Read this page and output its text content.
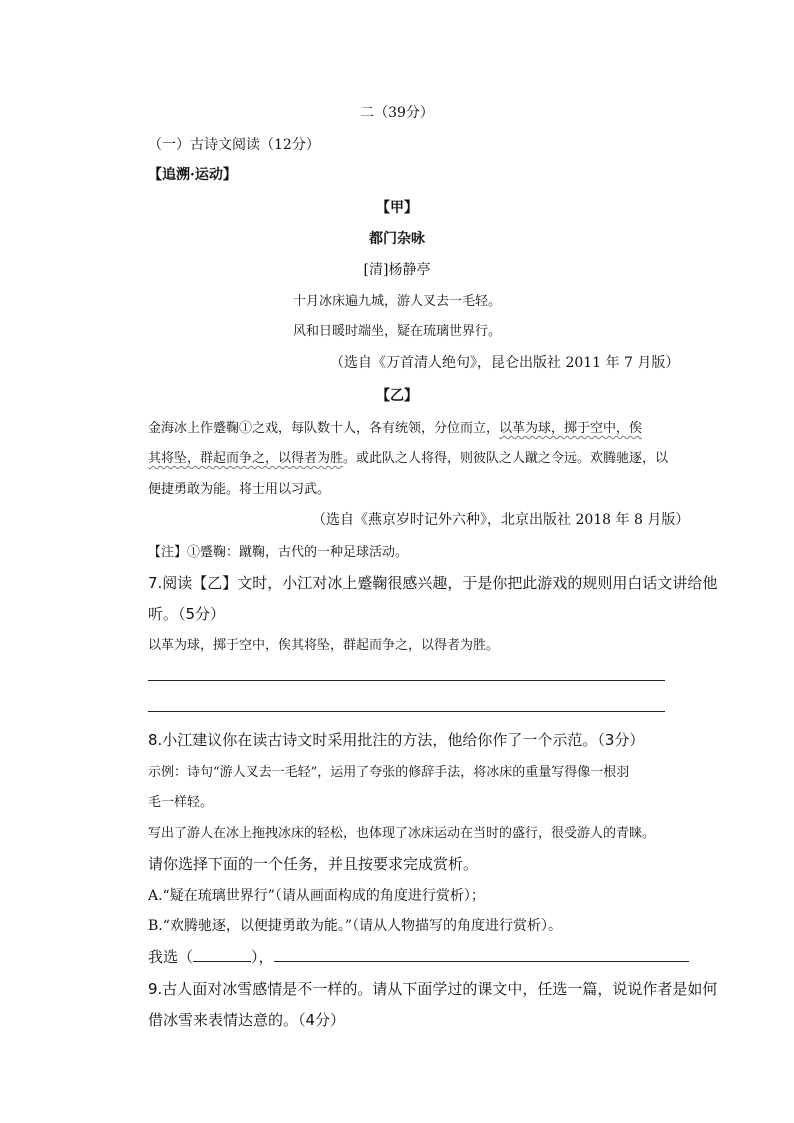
二（39分）
（一）古诗文阅读（12分）
【追溯·运动】
【甲】
都门杂咏
[清]杨静亭
十月冰床遍九城，游人叉去一毛轻。
风和日暖时端坐，疑在琉璃世界行。
（选自《万首清人绝句》，昆仑出版社 2011 年 7 月版）
【乙】
金海冰上作蹙鞠①之戏，每队数十人，各有统领，分位而立，以革为球，掷于空中，俟
其将坠，群起而争之，以得者为胜。或此队之人将得，则彼队之人蹴之令远。欢腾驰逐，以
便捷勇敢为能。将士用以习武。
（选自《燕京岁时记外六种》，北京出版社 2018 年 8 月版）
【注】①蹙鞠：蹴鞠，古代的一种足球活动。
7.阅读【乙】文时，小江对冰上蹙鞠很感兴趣，于是你把此游戏的规则用白话文讲给他
听。（5分）
以革为球，掷于空中，俟其将坠，群起而争之，以得者为胜。
8.小江建议你在读古诗文时采用批注的方法，他给你作了一个示范。（3分）
示例：诗句“游人叉去一毛轻”，运用了夸张的修辞手法，将冰床的重量写得像一根羽
毛一样轻。
写出了游人在冰上拖拽冰床的轻松，也体现了冰床运动在当时的盛行，很受游人的青睐。
请你选择下面的一个任务，并且按要求完成赏析。
A.“疑在琉璃世界行”（请从画面构成的角度进行赏析）；
B.“欢腾驰逐，以便捷勇敢为能。”（请从人物描写的角度进行赏析）。
我选（	），
9.古人面对冰雪感情是不一样的。请从下面学过的课文中，任选一篇，说说作者是如何
借冰雪来表情达意的。（4分）
